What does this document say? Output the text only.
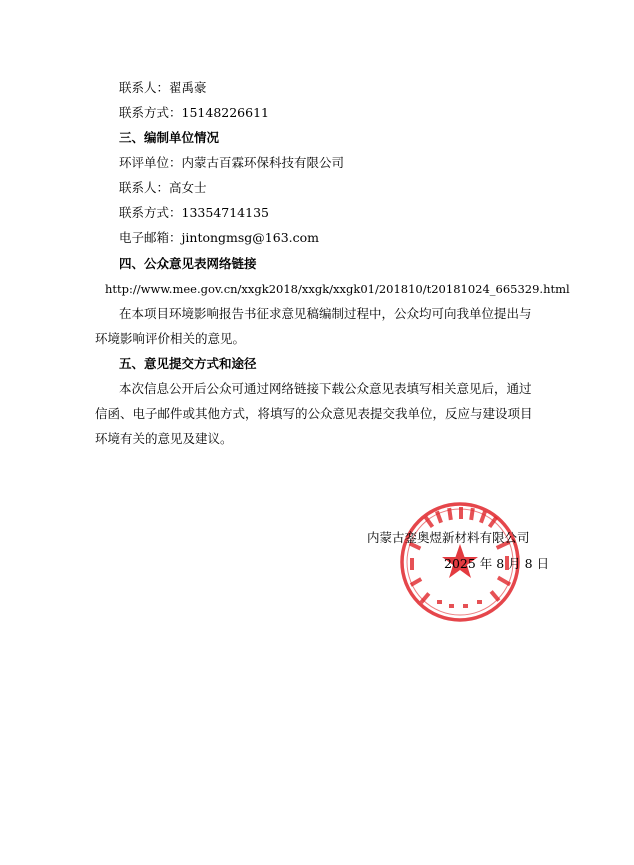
联系人：翟禹豪
联系方式：15148226611
三、编制单位情况
环评单位：内蒙古百霖环保科技有限公司
联系人：高女士
联系方式：13354714135
电子邮箱：jintongmsg@163.com
四、公众意见表网络链接
http://www.mee.gov.cn/xxgk2018/xxgk/xxgk01/201810/t20181024_665329.html
在本项目环境影响报告书征求意见稿编制过程中，公众均可向我单位提出与
环境影响评价相关的意见。
五、意见提交方式和途径
本次信息公开后公众可通过网络链接下载公众意见表填写相关意见后，通过
信函、电子邮件或其他方式，将填写的公众意见表提交我单位，反应与建设项目
环境有关的意见及建议。
内蒙古銮奥煜新材料有限公司
2025 年 8 月 8 日
